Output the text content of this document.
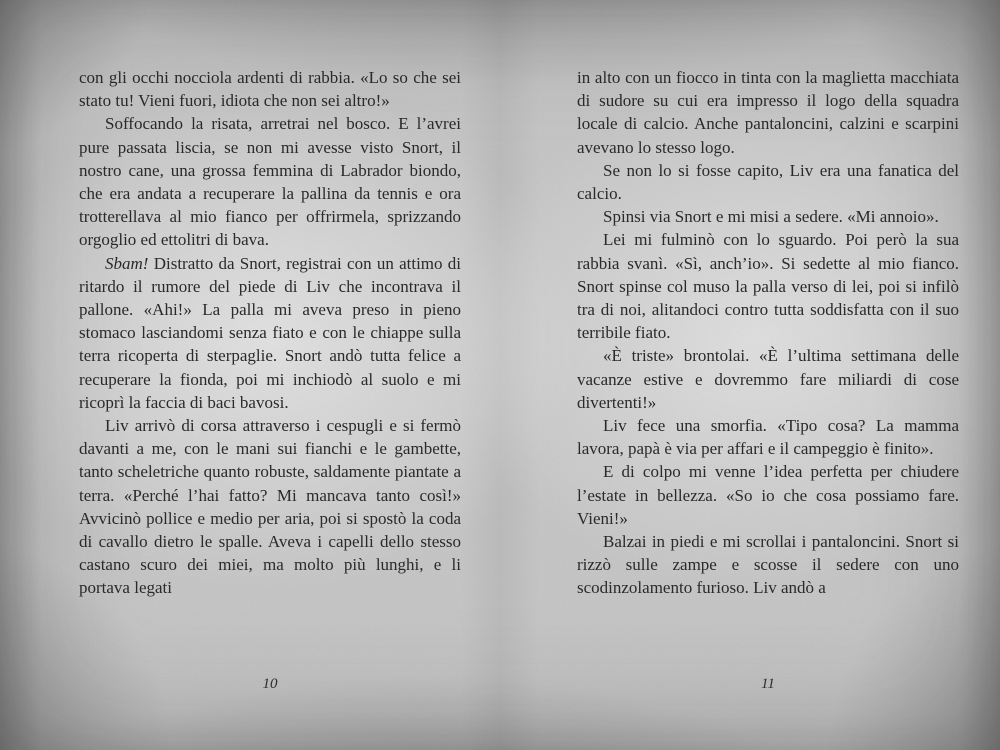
con gli occhi nocciola ardenti di rabbia. «Lo so che sei stato tu! Vieni fuori, idiota che non sei altro!»

Soffocando la risata, arretrai nel bosco. E l’avrei pure passata liscia, se non mi avesse visto Snort, il nostro cane, una grossa femmina di Labrador biondo, che era andata a recuperare la pallina da tennis e ora trotterellava al mio fianco per offrirmela, sprizzando orgoglio ed ettolitri di bava.

Sbam! Distratto da Snort, registrai con un attimo di ritardo il rumore del piede di Liv che incontrava il pallone. «Ahi!» La palla mi aveva preso in pieno stomaco lasciandomi senza fiato e con le chiappe sulla terra ricoperta di sterpaglie. Snort andò tutta felice a recuperare la fionda, poi mi inchiodò al suolo e mi ricoprì la faccia di baci bavosi.

Liv arrivò di corsa attraverso i cespugli e si fermò davanti a me, con le mani sui fianchi e le gambette, tanto scheletriche quanto robuste, saldamente piantate a terra. «Perché l’hai fatto? Mi mancava tanto così!» Avvicinò pollice e medio per aria, poi si spostò la coda di cavallo dietro le spalle. Aveva i capelli dello stesso castano scuro dei miei, ma molto più lunghi, e li portava legati

in alto con un fiocco in tinta con la maglietta macchiata di sudore su cui era impresso il logo della squadra locale di calcio. Anche pantaloncini, calzini e scarpini avevano lo stesso logo.

Se non lo si fosse capito, Liv era una fanatica del calcio.

Spinsi via Snort e mi misi a sedere. «Mi annoio».

Lei mi fulminò con lo sguardo. Poi però la sua rabbia svanì. «Sì, anch’io». Si sedette al mio fianco. Snort spinse col muso la palla verso di lei, poi si infilò tra di noi, alitandoci contro tutta soddisfatta con il suo terribile fiato.

«È triste» brontolai. «È l’ultima settimana delle vacanze estive e dovremmo fare miliardi di cose divertenti!»

Liv fece una smorfia. «Tipo cosa? La mamma lavora, papà è via per affari e il campeggio è finito».

E di colpo mi venne l’idea perfetta per chiudere l’estate in bellezza. «So io che cosa possiamo fare. Vieni!»

Balzai in piedi e mi scrollai i pantaloncini. Snort si rizzò sulle zampe e scosse il sedere con uno scodinzolamento furioso. Liv andò a

10	11
